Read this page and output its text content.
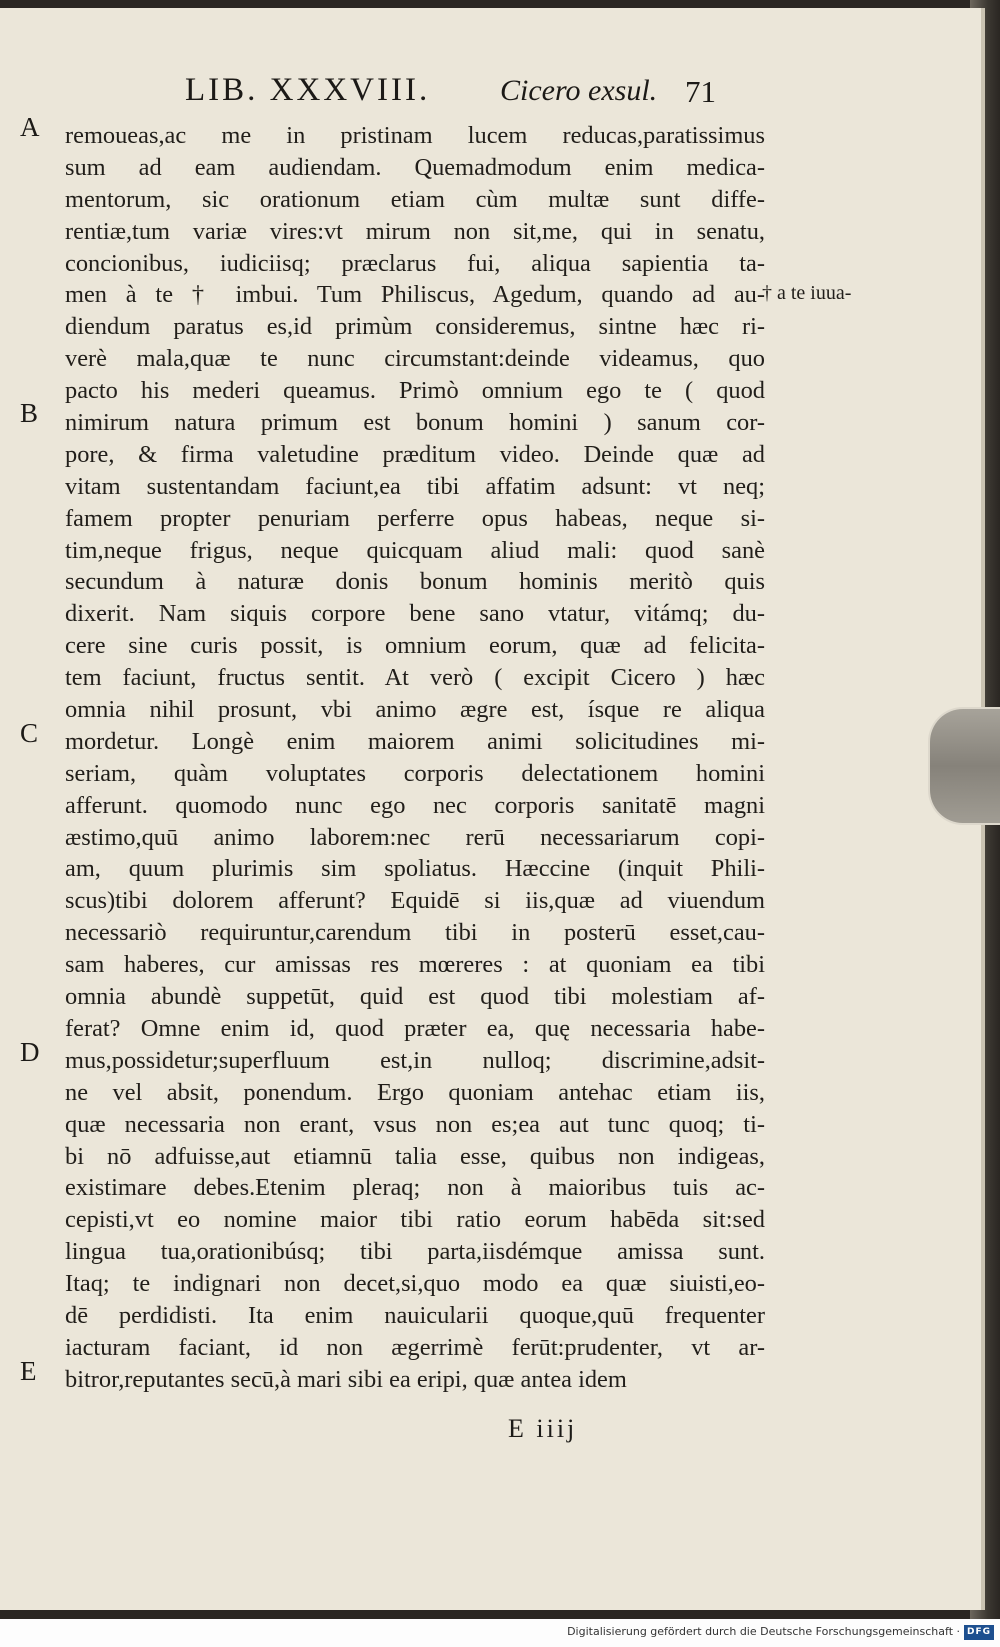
LIB. XXXVIII. Cicero exsul. 71
A
B
C
D
E
† a te iuua-
remoueas,ac me in pristinam lucem reducas,paratissimus
sum ad eam audiendam. Quemadmodum enim medica-
mentorum, sic orationum etiam cùm multæ sunt diffe-
rentiæ,tum variæ vires:vt mirum non sit,me, qui in senatu,
concionibus, iudiciisq; præclarus fui, aliqua sapientia ta-
men à te † imbui. Tum Philiscus, Agedum, quando ad au-
diendum paratus es,id primùm consideremus, sintne hæc ri-
verè mala,quæ te nunc circumstant:deinde videamus, quo
pacto his mederi queamus. Primò omnium ego te ( quod
nimirum natura primum est bonum homini ) sanum cor-
pore, & firma valetudine præditum video. Deinde quæ ad
vitam sustentandam faciunt,ea tibi affatim adsunt: vt neq;
famem propter penuriam perferre opus habeas, neque si-
tim,neque frigus, neque quicquam aliud mali: quod sanè
secundum à naturæ donis bonum hominis meritò quis
dixerit. Nam siquis corpore bene sano vtatur, vitámq; du-
cere sine curis possit, is omnium eorum, quæ ad felicita-
tem faciunt, fructus sentit. At verò ( excipit Cicero ) hæc
omnia nihil prosunt, vbi animo ægre est, ísque re aliqua
mordetur. Longè enim maiorem animi solicitudines mi-
seriam, quàm voluptates corporis delectationem homini
afferunt. quomodo nunc ego nec corporis sanitatē magni
æstimo,quū animo laborem:nec rerū necessariarum copi-
am, quum plurimis sim spoliatus. Hæccine (inquit Phili-
scus)tibi dolorem afferunt? Equidē si iis,quæ ad viuendum
necessariò requiruntur,carendum tibi in posterū esset,cau-
sam haberes, cur amissas res mœreres : at quoniam ea tibi
omnia abundè suppetūt, quid est quod tibi molestiam af-
ferat? Omne enim id, quod præter ea, quę necessaria habe-
mus,possidetur;superfluum est,in nulloq; discrimine,adsit-
ne vel absit, ponendum. Ergo quoniam antehac etiam iis,
quæ necessaria non erant, vsus non es;ea aut tunc quoq; ti-
bi nō adfuisse,aut etiamnū talia esse, quibus non indigeas,
existimare debes.Etenim pleraq; non à maioribus tuis ac-
cepisti,vt eo nomine maior tibi ratio eorum habēda sit:sed
lingua tua,orationibúsq; tibi parta,iisdémque amissa sunt.
Itaq; te indignari non decet,si,quo modo ea quæ siuisti,eo-
dē perdidisti. Ita enim nauicularii quoque,quū frequenter
iacturam faciant, id non ægerrimè ferūt:prudenter, vt ar-
bitror,reputantes secū,à mari sibi ea eripi, quæ antea idem
E iiij
Digitalisierung gefördert durch die Deutsche Forschungsgemeinschaft · DFG
